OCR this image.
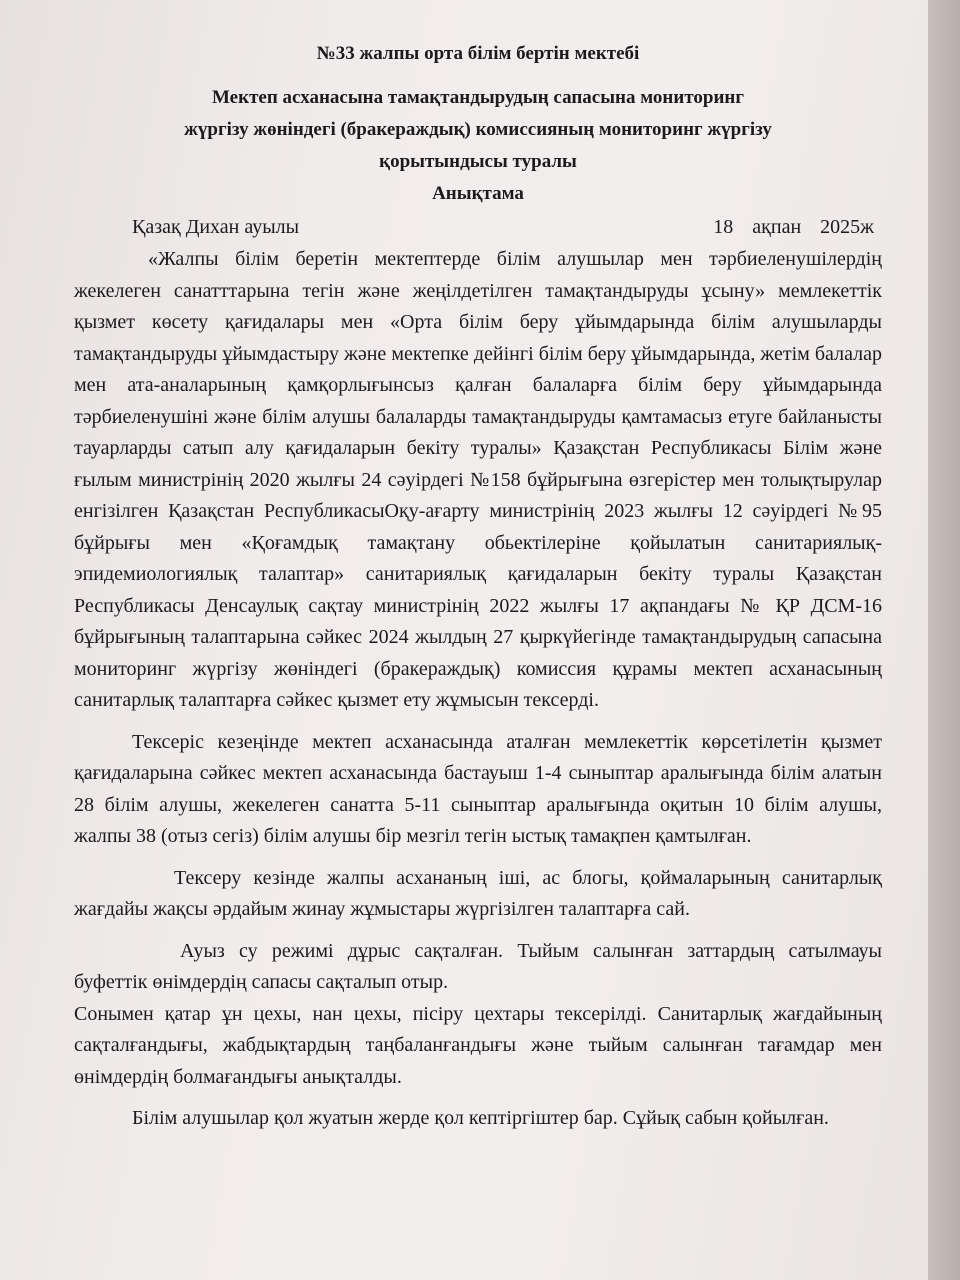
№33 жалпы орта білім бертін мектебі

Мектеп асханасына тамақтандырудың сапасына мониторинг

жүргізу жөніндегі (бракераждық) комиссияның мониторинг жүргізу

қорытындысы туралы

Анықтама

Қазақ Дихан ауылы	18 ақпан 2025ж

«Жалпы білім беретін мектептерде білім алушылар мен тәрбиеленушілердің жекелеген санатттарына тегін және жеңілдетілген тамақтандыруды ұсыну» мемлекеттік қызмет көсету қағидалары мен «Орта білім беру ұйымдарында білім алушыларды тамақтандыруды ұйымдастыру және мектепке дейінгі білім беру ұйымдарында, жетім балалар мен ата-аналарының қамқорлығынсыз қалған балаларға білім беру ұйымдарында тәрбиеленушіні және білім алушы балаларды тамақтандыруды қамтамасыз етуге байланысты тауарларды сатып алу қағидаларын бекіту туралы» Қазақстан Республикасы Білім және ғылым министрінің 2020 жылғы 24 сәуірдегі №158 бұйрығына өзгерістер мен толықтырулар енгізілген Қазақстан РеспубликасыОқу-ағарту министрінің 2023 жылғы 12 сәуірдегі №95 бұйрығы мен «Қоғамдық тамақтану обьектілеріне қойылатын санитариялық-эпидемиологиялық талаптар» санитариялық қағидаларын бекіту туралы Қазақстан Республикасы Денсаулық сақтау министрінің 2022 жылғы 17 ақпандағы № ҚР ДСМ-16 бұйрығының талаптарына сәйкес 2024 жылдың 27 қыркүйегінде тамақтандырудың сапасына мониторинг жүргізу жөніндегі (бракераждық) комиссия құрамы мектеп асханасының санитарлық талаптарға сәйкес қызмет ету жұмысын тексерді.

Тексеріс кезеңінде мектеп асханасында аталған мемлекеттік көрсетілетін қызмет қағидаларына сәйкес мектеп асханасында бастауыш 1-4 сыныптар аралығында білім алатын 28 білім алушы, жекелеген санатта 5-11 сыныптар аралығында оқитын 10 білім алушы, жалпы 38 (отыз сегіз) білім алушы бір мезгіл тегін ыстық тамақпен қамтылған.

Тексеру кезінде жалпы асхананың іші, ас блогы, қоймаларының санитарлық жағдайы жақсы әрдайым жинау жұмыстары жүргізілген талаптарға сай.

Ауыз су режимі дұрыс сақталған. Тыйым салынған заттардың сатылмауы буфеттік өнімдердің сапасы сақталып отыр.

Сонымен қатар ұн цехы, нан цехы, пісіру цехтары тексерілді. Санитарлық жағдайының сақталғандығы, жабдықтардың таңбаланғандығы және тыйым салынған тағамдар мен өнімдердің болмағандығы анықталды.

Білім алушылар қол жуатын жерде қол кептіргіштер бар. Сұйық сабын қойылған.
